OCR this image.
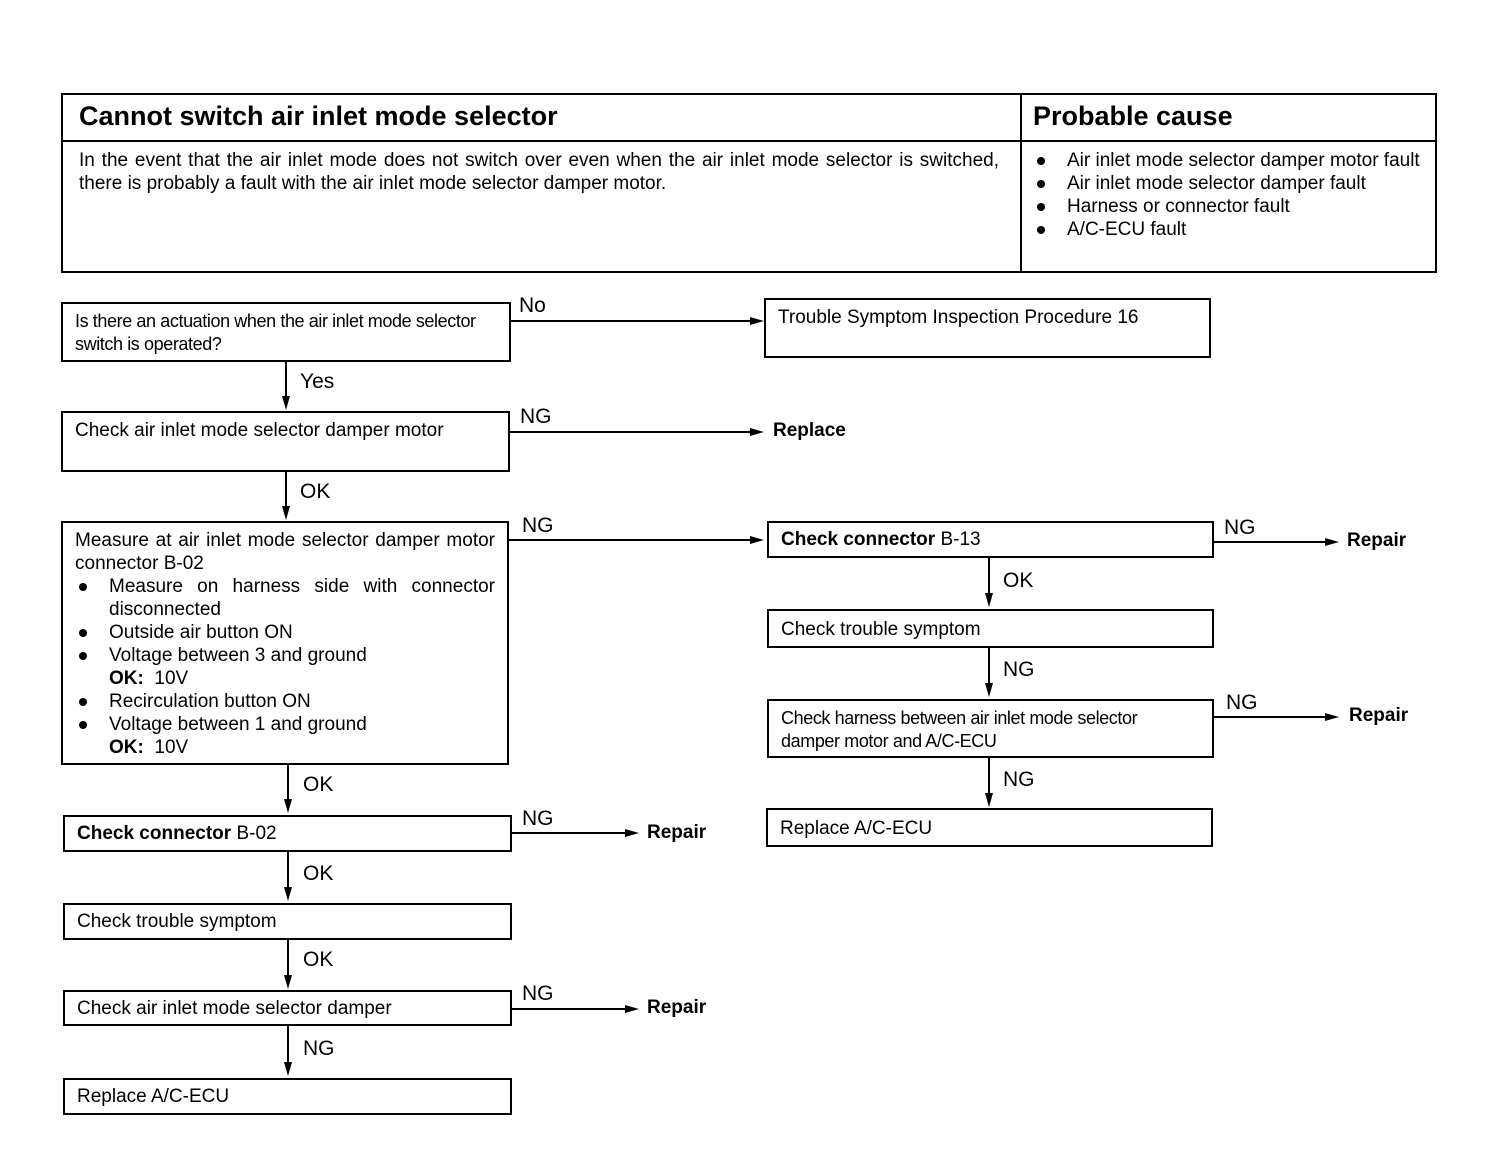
Cannot switch air inlet mode selector	Probable cause
In the event that the air inlet mode does not switch over even when the air inlet mode selector is switched, there is probably a fault with the air inlet mode selector damper motor.
Air inlet mode selector damper motor fault
Air inlet mode selector damper fault
Harness or connector fault
A/C-ECU fault
Is there an actuation when the air inlet mode selector switch is operated?
No
Trouble Symptom Inspection Procedure 16
Yes
Check air inlet mode selector damper motor
NG
Replace
OK
Measure at air inlet mode selector damper motor connector B-02
Measure on harness side with connector disconnected
Outside air button ON
Voltage between 3 and ground
OK: 10V
Recirculation button ON
Voltage between 1 and ground
OK: 10V
NG
Check connector B-13
NG
Repair
OK
Check trouble symptom
NG
Check harness between air inlet mode selector damper motor and A/C-ECU
NG
Repair
NG
Replace A/C-ECU
OK
Check connector B-02
NG
Repair
OK
Check trouble symptom
OK
Check air inlet mode selector damper
NG
Repair
NG
Replace A/C-ECU
